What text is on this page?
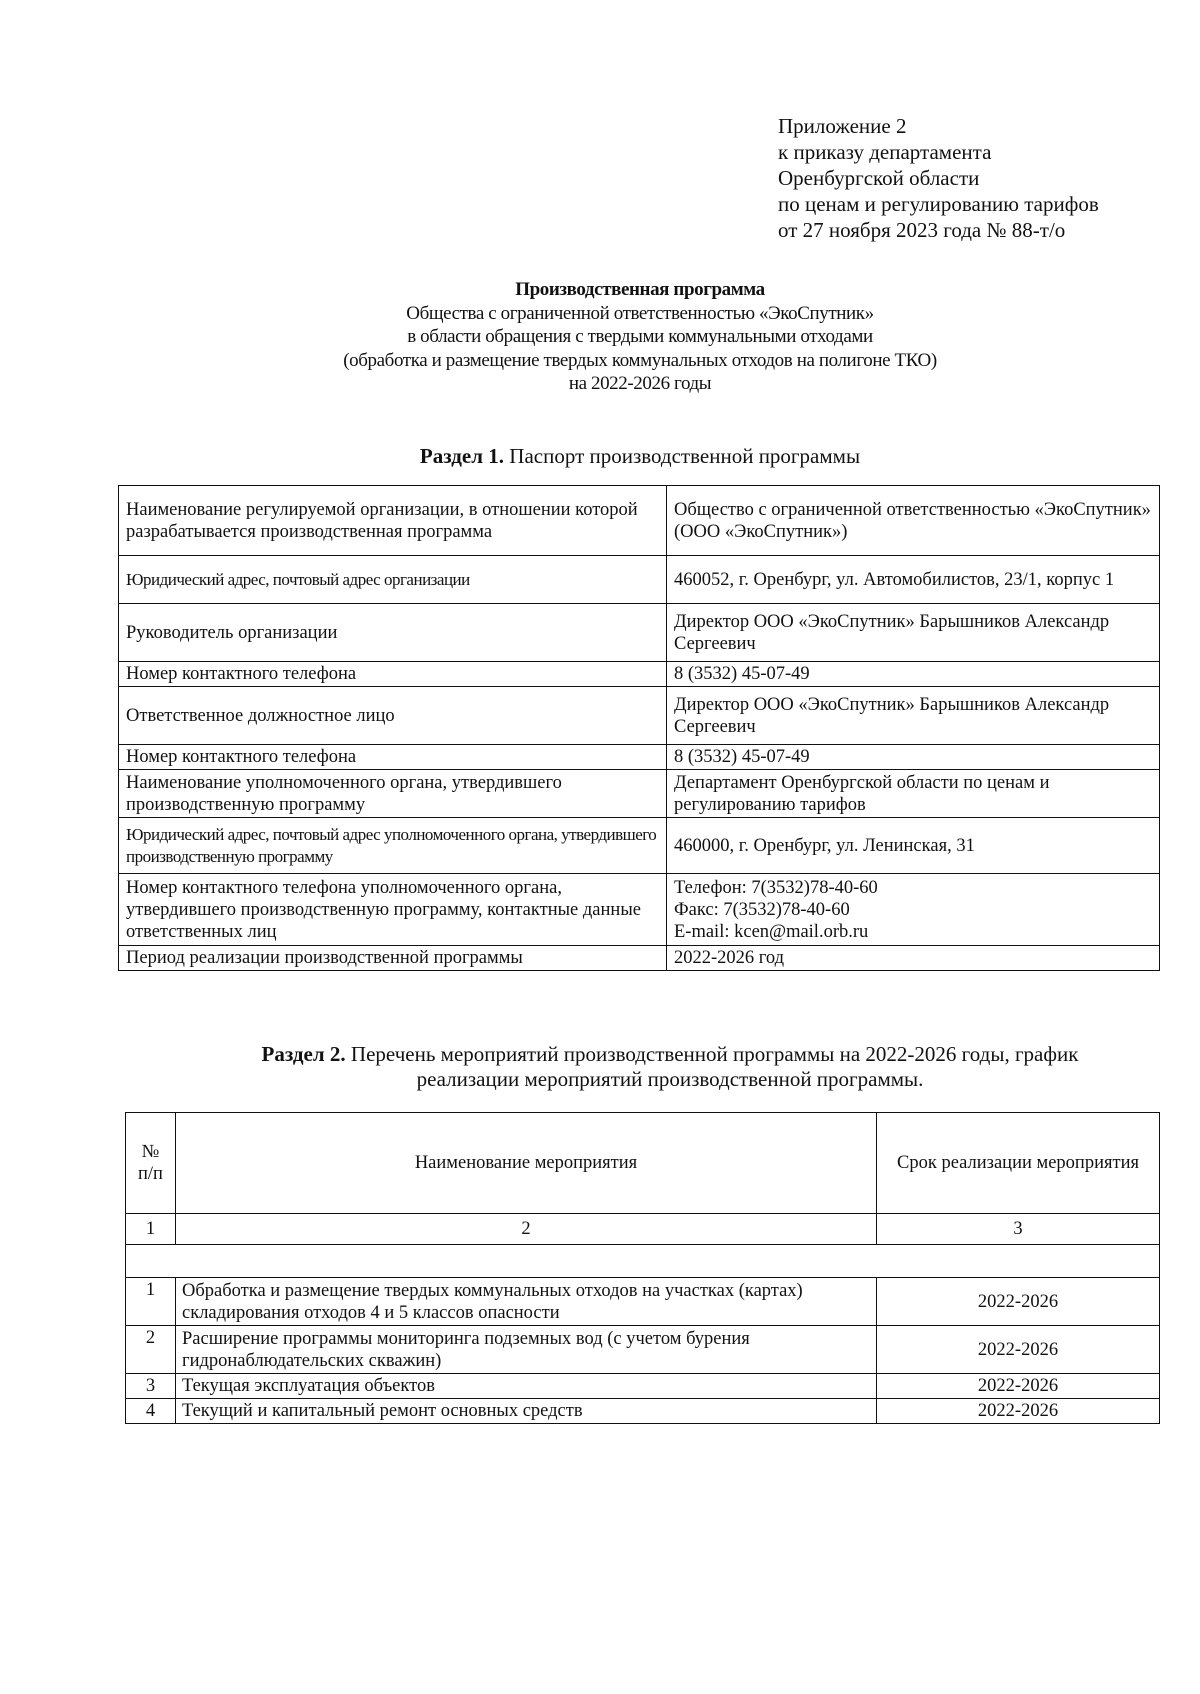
Приложение 2
к приказу департамента
Оренбургской области
по ценам и регулированию тарифов
от 27 ноября 2023 года № 88-т/о
Производственная программа
Общества с ограниченной ответственностью «ЭкоСпутник»
в области обращения с твердыми коммунальными отходами
(обработка и размещение твердых коммунальных отходов на полигоне ТКО)
на 2022-2026 годы
Раздел 1. Паспорт производственной программы
Наименование регулируемой организации, в отношении которой разрабатывается производственная программа	Общество с ограниченной ответственностью «ЭкоСпутник» (ООО «ЭкоСпутник»)
Юридический адрес, почтовый адрес организации	460052, г. Оренбург, ул. Автомобилистов, 23/1, корпус 1
Руководитель организации	Директор ООО «ЭкоСпутник» Барышников Александр Сергеевич
Номер контактного телефона	8 (3532) 45-07-49
Ответственное должностное лицо	Директор ООО «ЭкоСпутник» Барышников Александр Сергеевич
Номер контактного телефона	8 (3532) 45-07-49
Наименование уполномоченного органа, утвердившего производственную программу	Департамент Оренбургской области по ценам и регулированию тарифов
Юридический адрес, почтовый адрес уполномоченного органа, утвердившего производственную программу	460000, г. Оренбург, ул. Ленинская, 31
Номер контактного телефона уполномоченного органа, утвердившего производственную программу, контактные данные ответственных лиц	Телефон: 7(3532)78-40-60
Факс: 7(3532)78-40-60
E-mail: kcen@mail.orb.ru

Период реализации производственной программы	2022-2026 год
Раздел 2. Перечень мероприятий производственной программы на 2022-2026 годы, график
реализации мероприятий производственной программы.
№ п/п	Наименование мероприятия	Срок реализации мероприятия
1	2	3

1	Обработка и размещение твердых коммунальных отходов на участках (картах) складирования отходов 4 и 5 классов опасности	2022-2026
2	Расширение программы мониторинга подземных вод (с учетом бурения гидронаблюдательских скважин)	2022-2026
3	Текущая эксплуатация объектов	2022-2026
4	Текущий и капитальный ремонт основных средств	2022-2026
